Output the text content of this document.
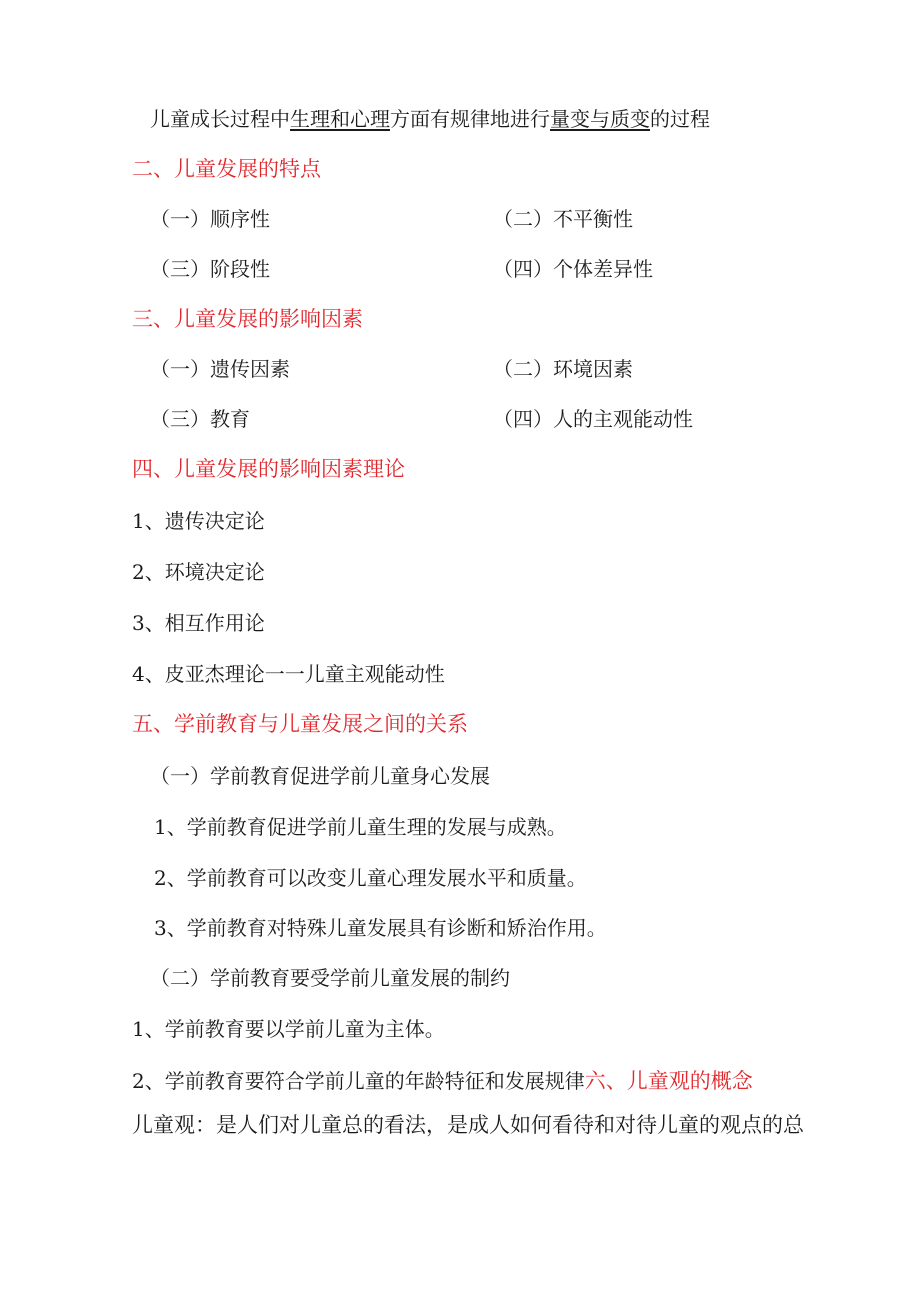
儿童成长过程中生理和心理方面有规律地进行量变与质变的过程
二、儿童发展的特点
（一）顺序性	（二）不平衡性
（三）阶段性	（四）个体差异性
三、儿童发展的影响因素
（一）遗传因素	（二）环境因素
（三）教育	（四）人的主观能动性
四、儿童发展的影响因素理论
1、遗传决定论
2、环境决定论
3、相互作用论
4、皮亚杰理论一一儿童主观能动性
五、学前教育与儿童发展之间的关系
（一）学前教育促进学前儿童身心发展
1、学前教育促进学前儿童生理的发展与成熟。
2、学前教育可以改变儿童心理发展水平和质量。
3、学前教育对特殊儿童发展具有诊断和矫治作用。
（二）学前教育要受学前儿童发展的制约
1、学前教育要以学前儿童为主体。
2、学前教育要符合学前儿童的年龄特征和发展规律六、儿童观的概念
儿童观：是人们对儿童总的看法，是成人如何看待和对待儿童的观点的总
